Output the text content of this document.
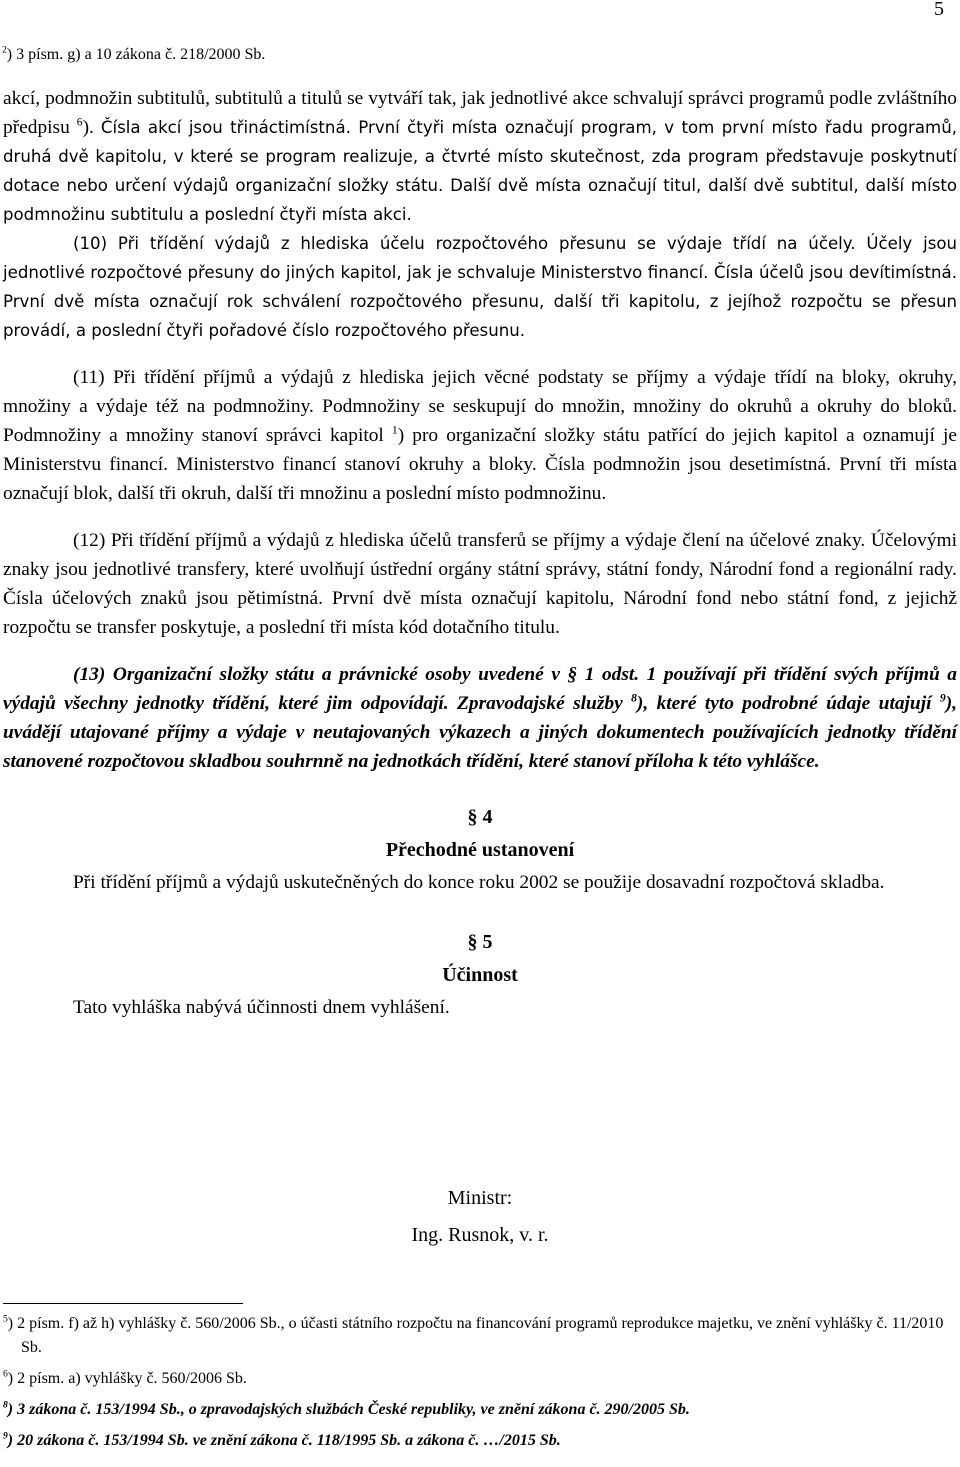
5
$^2$) 3 písm. g) a 10 zákona č. 218/2000 Sb.

akcí, podmnožin subtitulů, subtitulů a titulů se vytváří tak, jak jednotlivé akce schvalují správci programů podle zvláštního předpisu $^6$). Čísla akcí jsou třináctimístná. První čtyři místa označují program, v tom první místo řadu programů, druhá dvě kapitolu, v které se program realizuje, a čtvrté místo skutečnost, zda program představuje poskytnutí dotace nebo určení výdajů organizační složky státu. Další dvě místa označují titul, další dvě subtitul, další místo podmnožinu subtitulu a poslední čtyři místa akci.

(10) Při třídění výdajů z hlediska účelu rozpočtového přesunu se výdaje třídí na účely. Účely jsou jednotlivé rozpočtové přesuny do jiných kapitol, jak je schvaluje Ministerstvo financí. Čísla účelů jsou devítimístná. První dvě místa označují rok schválení rozpočtového přesunu, další tři kapitolu, z jejíhož rozpočtu se přesun provádí, a poslední čtyři pořadové číslo rozpočtového přesunu.

(11) Při třídění příjmů a výdajů z hlediska jejich věcné podstaty se příjmy a výdaje třídí na bloky, okruhy, množiny a výdaje též na podmnožiny. Podmnožiny se seskupují do množin, množiny do okruhů a okruhy do bloků. Podmnožiny a množiny stanoví správci kapitol $^1$) pro organizační složky státu patřící do jejich kapitol a oznamují je Ministerstvu financí. Ministerstvo financí stanoví okruhy a bloky. Čísla podmnožin jsou desetimístná. První tři místa označují blok, další tři okruh, další tři množinu a poslední místo podmnožinu.

(12) Při třídění příjmů a výdajů z hlediska účelů transferů se příjmy a výdaje člení na účelové znaky. Účelovými znaky jsou jednotlivé transfery, které uvolňují ústřední orgány státní správy, státní fondy, Národní fond a regionální rady. Čísla účelových znaků jsou pětimístná. První dvě místa označují kapitolu, Národní fond nebo státní fond, z jejichž rozpočtu se transfer poskytuje, a poslední tři místa kód dotačního titulu.

(13) Organizační složky státu a právnické osoby uvedené v § 1 odst. 1 používají při třídění svých příjmů a výdajů všechny jednotky třídění, které jim odpovídají. Zpravodajské služby $^8$), které tyto podrobné údaje utajují $^9$), uvádějí utajované příjmy a výdaje v neutajovaných výkazech a jiných dokumentech používajících jednotky třídění stanovené rozpočtovou skladbou souhrnně na jednotkách třídění, které stanoví příloha k této vyhlášce.

§ 4
Přechodné ustanovení

Při třídění příjmů a výdajů uskutečněných do konce roku 2002 se použije dosavadní rozpočtová skladba.

§ 5
Účinnost

Tato vyhláška nabývá účinnosti dnem vyhlášení.

Ministr:
Ing. Rusnok, v. r.

$^5$) 2 písm. f) až h) vyhlášky č. 560/2006 Sb., o účasti státního rozpočtu na financování programů reprodukce majetku, ve znění vyhlášky č. 11/2010 Sb.

$^6$) 2 písm. a) vyhlášky č. 560/2006 Sb.

$^8$) 3 zákona č. 153/1994 Sb., o zpravodajských službách České republiky, ve znění zákona č. 290/2005 Sb.

$^9$) 20 zákona č. 153/1994 Sb. ve znění zákona č. 118/1995 Sb. a zákona č. …/2015 Sb.
